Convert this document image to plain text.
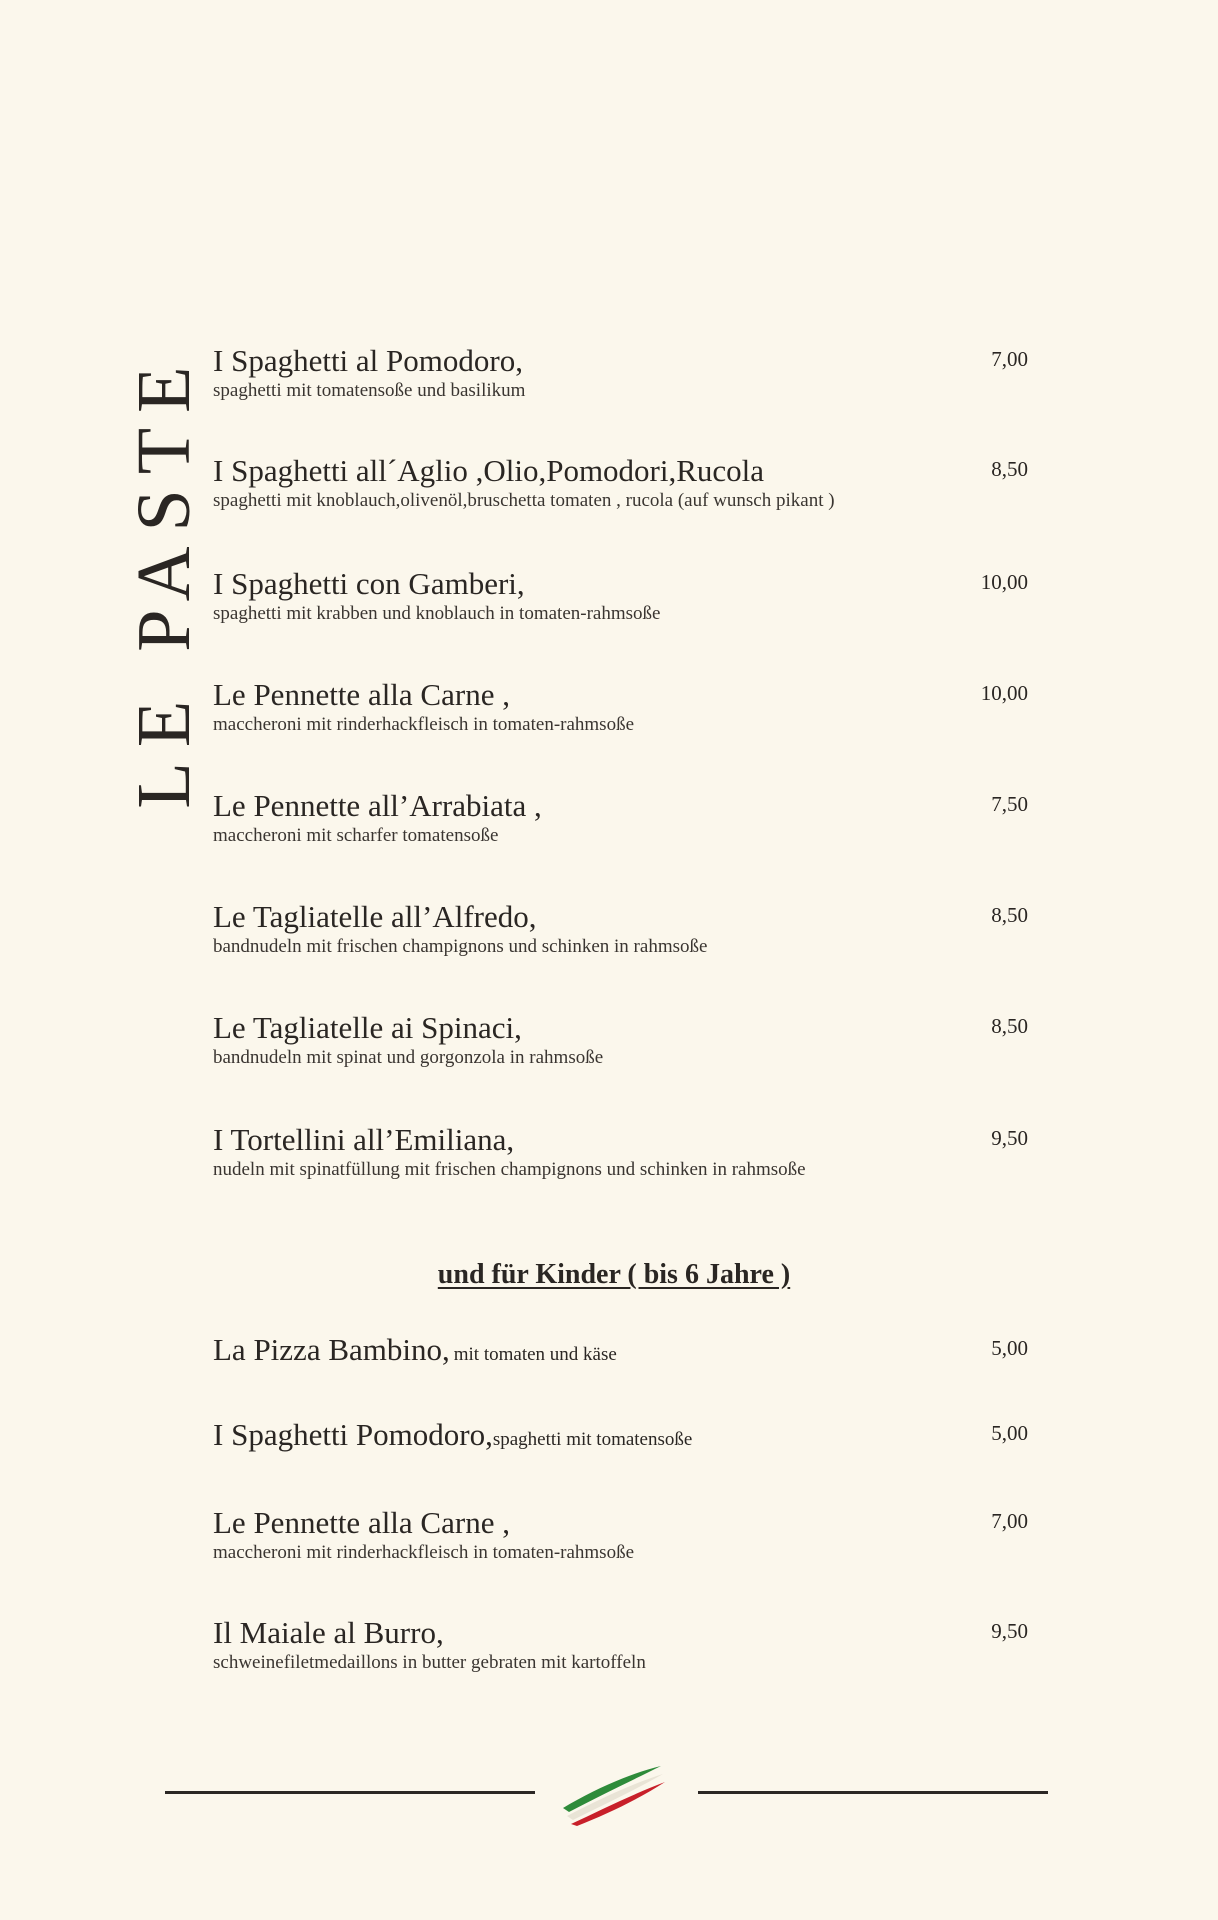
LE PASTE I Spaghetti al Pomodoro,
spaghetti mit tomatensoße und basilikum
7,00
I Spaghetti all´Aglio ,Olio,Pomodori,Rucola
spaghetti mit knoblauch,olivenöl,bruschetta tomaten , rucola (auf wunsch pikant )
8,50
I Spaghetti con Gamberi,
spaghetti mit krabben und knoblauch in tomaten-rahmsoße
10,00
Le Pennette alla Carne ,
maccheroni mit rinderhackfleisch in tomaten-rahmsoße
10,00
Le Pennette all’Arrabiata ,
maccheroni mit scharfer tomatensoße
7,50
Le Tagliatelle all’Alfredo,
bandnudeln mit frischen champignons und schinken in rahmsoße
8,50
Le Tagliatelle ai Spinaci,
bandnudeln mit spinat und gorgonzola in rahmsoße
8,50
I Tortellini all’Emiliana,
nudeln mit spinatfüllung mit frischen champignons und schinken in rahmsoße
9,50
und für Kinder ( bis 6 Jahre )
La Pizza Bambino, mit tomaten und käse	5,00
I Spaghetti Pomodoro,spaghetti mit tomatensoße	5,00
Le Pennette alla Carne ,
maccheroni mit rinderhackfleisch in tomaten-rahmsoße
7,00
Il Maiale al Burro,
schweinefiletmedaillons in butter gebraten mit kartoffeln
9,50
